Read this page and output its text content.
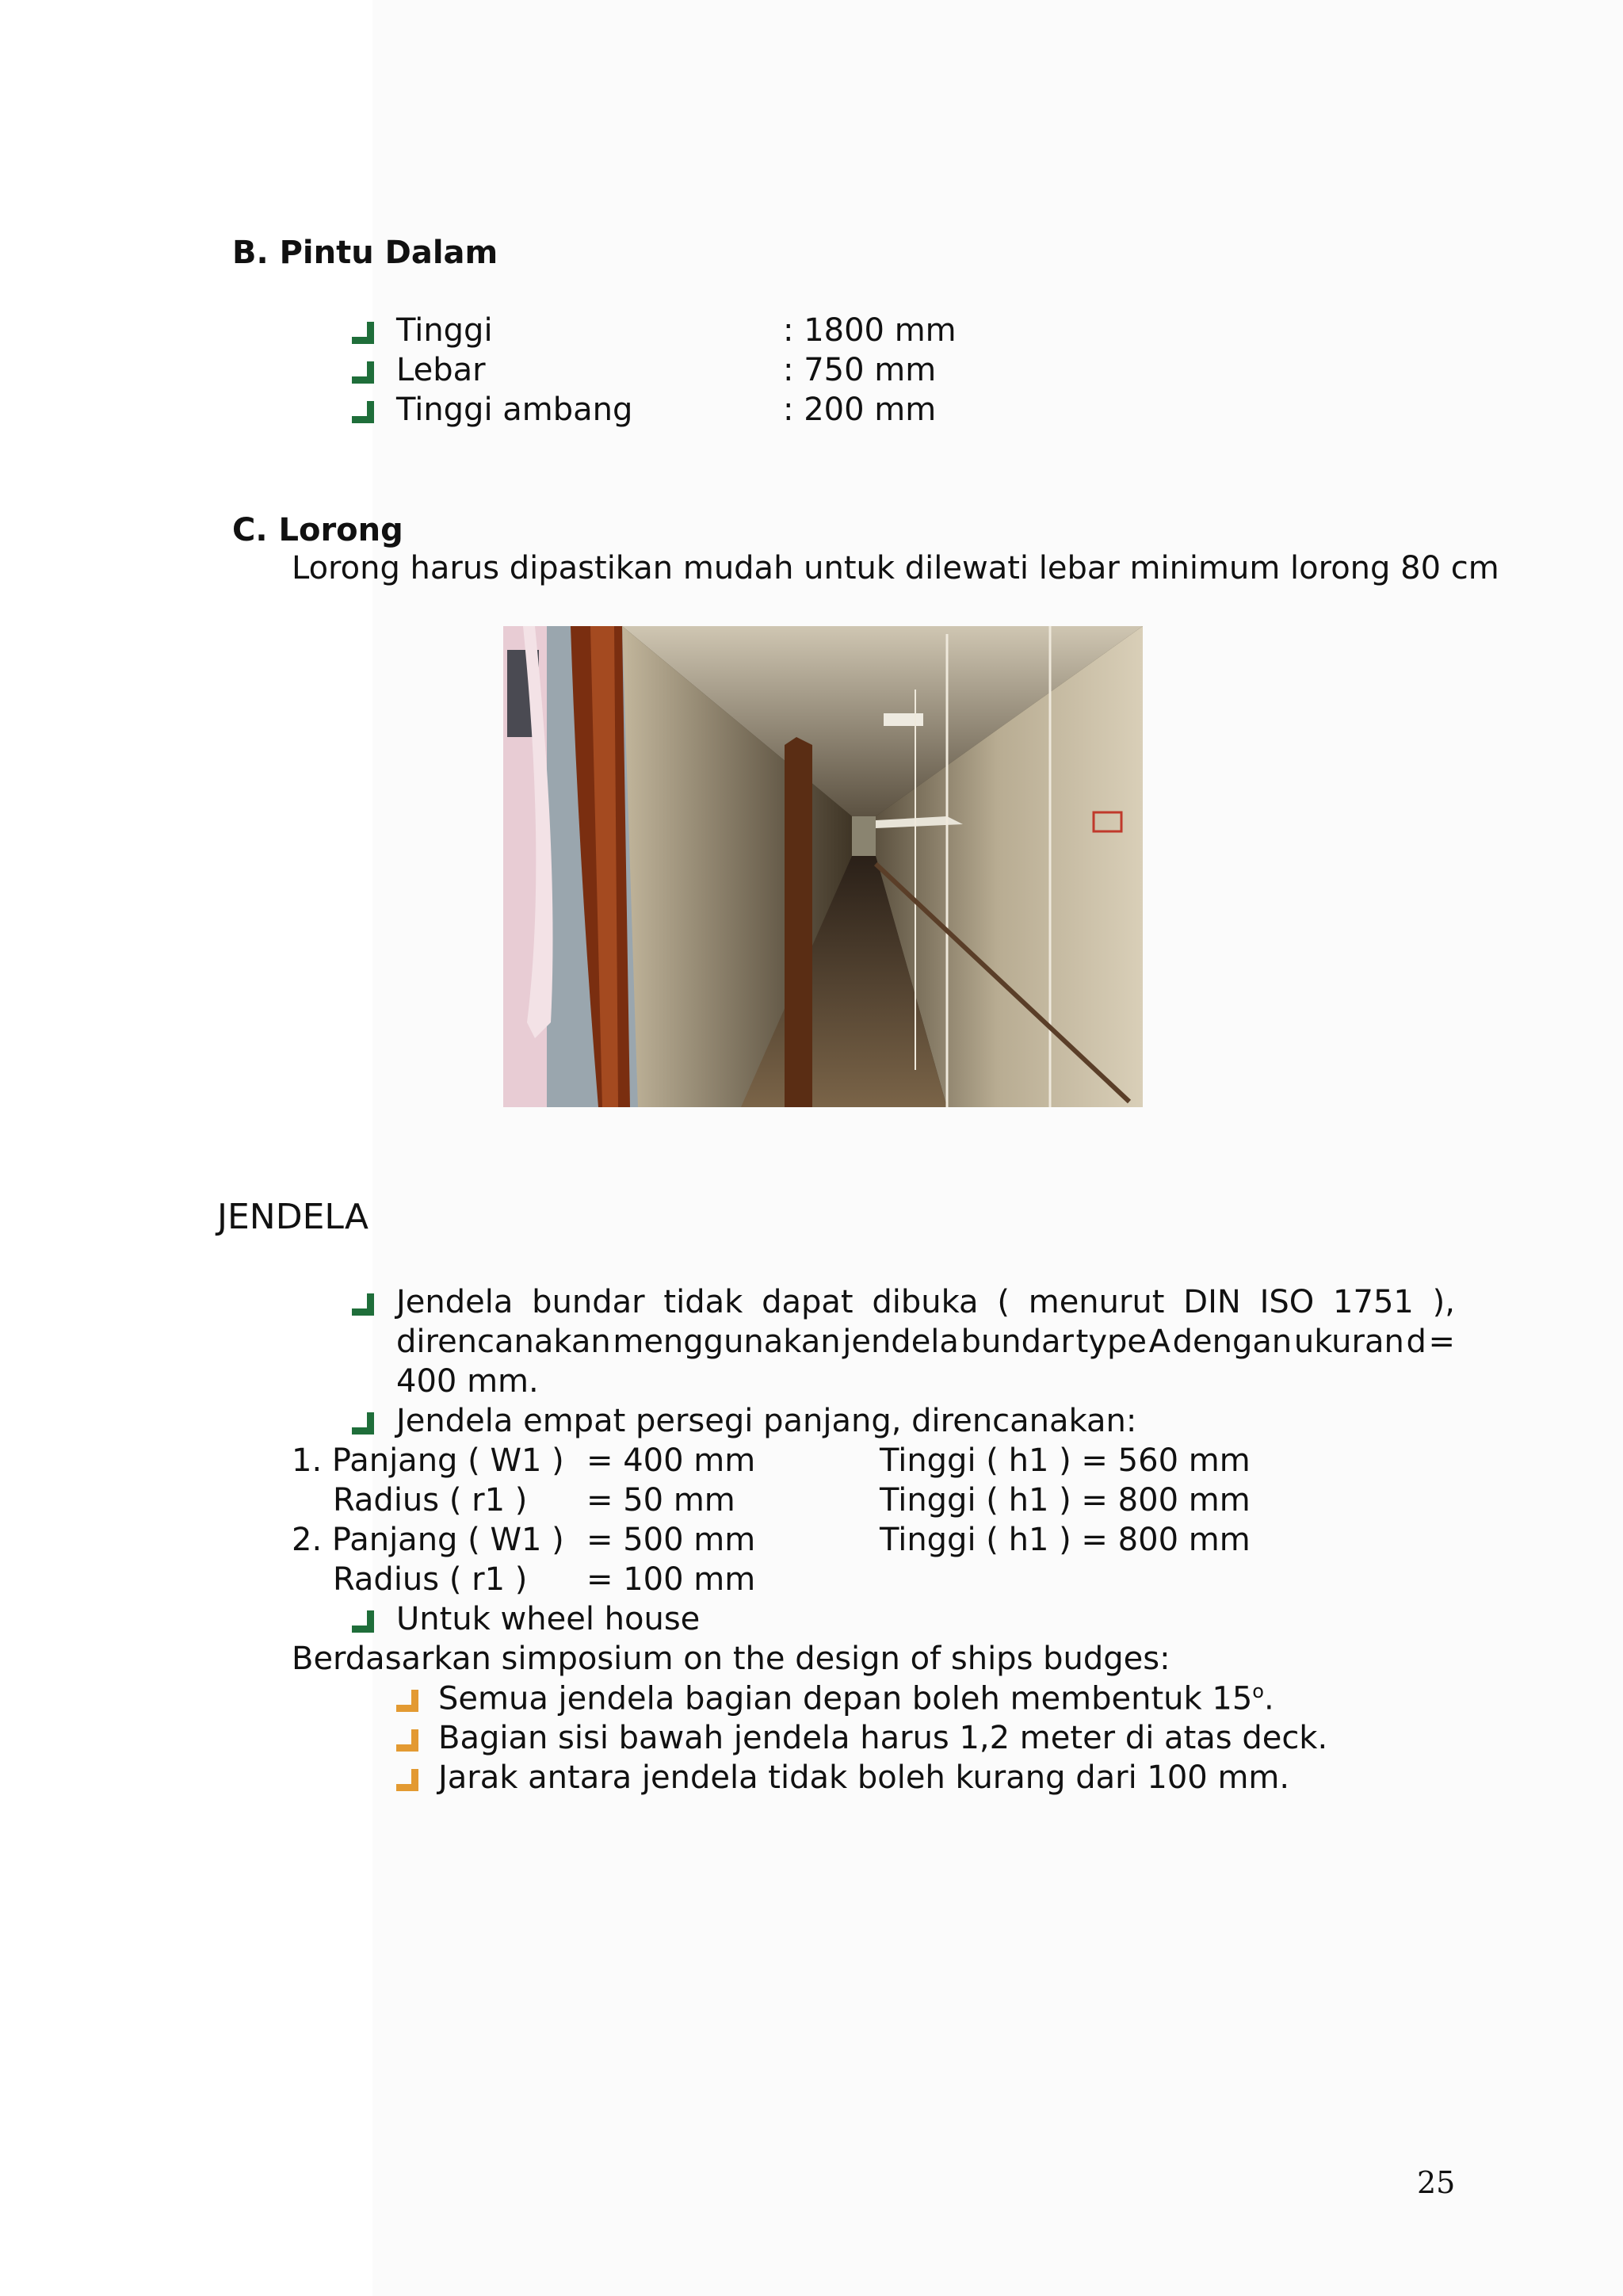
B. Pintu Dalam
Tinggi	: 1800 mm
Lebar	: 750 mm
Tinggi ambang	: 200 mm
C. Lorong
Lorong harus dipastikan mudah untuk dilewati lebar minimum lorong 80 cm
JENDELA
Jendela bundar tidak dapat dibuka ( menurut DIN ISO 1751 ),
direncanakan menggunakan jendela bundar type A dengan ukuran d =
400 mm.
Jendela empat persegi panjang, direncanakan:
1. Panjang ( W1 ) = 400 mm	Tinggi ( h1 ) = 560 mm
Radius ( r1 ) = 50 mm	Tinggi ( h1 ) = 800 mm
2. Panjang ( W1 ) = 500 mm	Tinggi ( h1 ) = 800 mm
Radius ( r1 ) = 100 mm
Untuk wheel house
Berdasarkan simposium on the design of ships budges:
Semua jendela bagian depan boleh membentuk 15$^o$.
Bagian sisi bawah jendela harus 1,2 meter di atas deck.
Jarak antara jendela tidak boleh kurang dari 100 mm.
25
